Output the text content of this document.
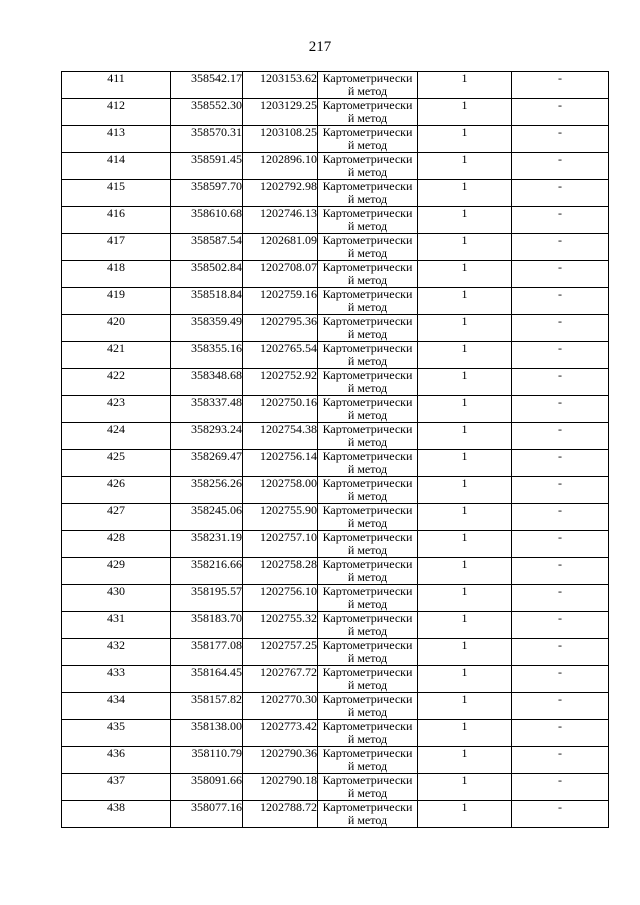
217
411	358542.17	1203153.62	Картометрически й метод	1	-
412	358552.30	1203129.25	Картометрически й метод	1	-
413	358570.31	1203108.25	Картометрически й метод	1	-
414	358591.45	1202896.10	Картометрически й метод	1	-
415	358597.70	1202792.98	Картометрически й метод	1	-
416	358610.68	1202746.13	Картометрически й метод	1	-
417	358587.54	1202681.09	Картометрически й метод	1	-
418	358502.84	1202708.07	Картометрически й метод	1	-
419	358518.84	1202759.16	Картометрически й метод	1	-
420	358359.49	1202795.36	Картометрически й метод	1	-
421	358355.16	1202765.54	Картометрически й метод	1	-
422	358348.68	1202752.92	Картометрически й метод	1	-
423	358337.48	1202750.16	Картометрически й метод	1	-
424	358293.24	1202754.38	Картометрически й метод	1	-
425	358269.47	1202756.14	Картометрически й метод	1	-
426	358256.26	1202758.00	Картометрически й метод	1	-
427	358245.06	1202755.90	Картометрически й метод	1	-
428	358231.19	1202757.10	Картометрически й метод	1	-
429	358216.66	1202758.28	Картометрически й метод	1	-
430	358195.57	1202756.10	Картометрически й метод	1	-
431	358183.70	1202755.32	Картометрически й метод	1	-
432	358177.08	1202757.25	Картометрически й метод	1	-
433	358164.45	1202767.72	Картометрически й метод	1	-
434	358157.82	1202770.30	Картометрически й метод	1	-
435	358138.00	1202773.42	Картометрически й метод	1	-
436	358110.79	1202790.36	Картометрически й метод	1	-
437	358091.66	1202790.18	Картометрически й метод	1	-
438	358077.16	1202788.72	Картометрически й метод	1	-
